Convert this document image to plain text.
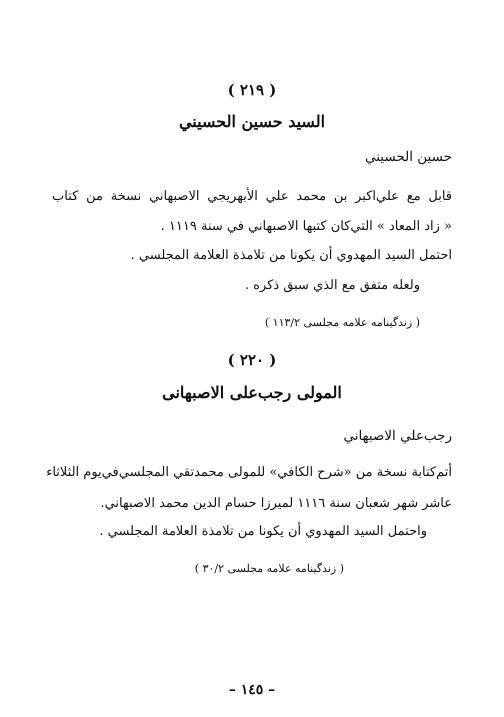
( ٢١٩ )
السيد حسين الحسيني
حسين الحسيني
قابل مع علي‌اكبر بن محمد علي الأبهريجي الاصبهاني نسخة من كتاب
« زاد المعاد » التي‌كان كتبها الاصبهاني في سنة ١١١٩ .
احتمل السيد المهدوي أن يكونا من تلامذة العلامة المجلسي .
ولعله متفق مع الذي سبق ذكره .
( زندگينامه علامه مجلسى ١١٣/٢ )
( ٢٢٠ )
المولى رجب‌على الاصبهانى
رجب‌علي الاصبهاني
أتم‌كتابة نسخة من «شرح الكافي» للمولى محمدتقي المجلسي‌في‌يوم الثلاثاء
عاشر شهر شعبان سنة ١١١٦ لميرزا حسام الدين محمد الاصبهاني.
واحتمل السيد المهدوي أن يكونا من تلامذة العلامة المجلسي .
( زندگينامه علامه مجلسى ٣٠/٢ )
– ١٤٥ –
